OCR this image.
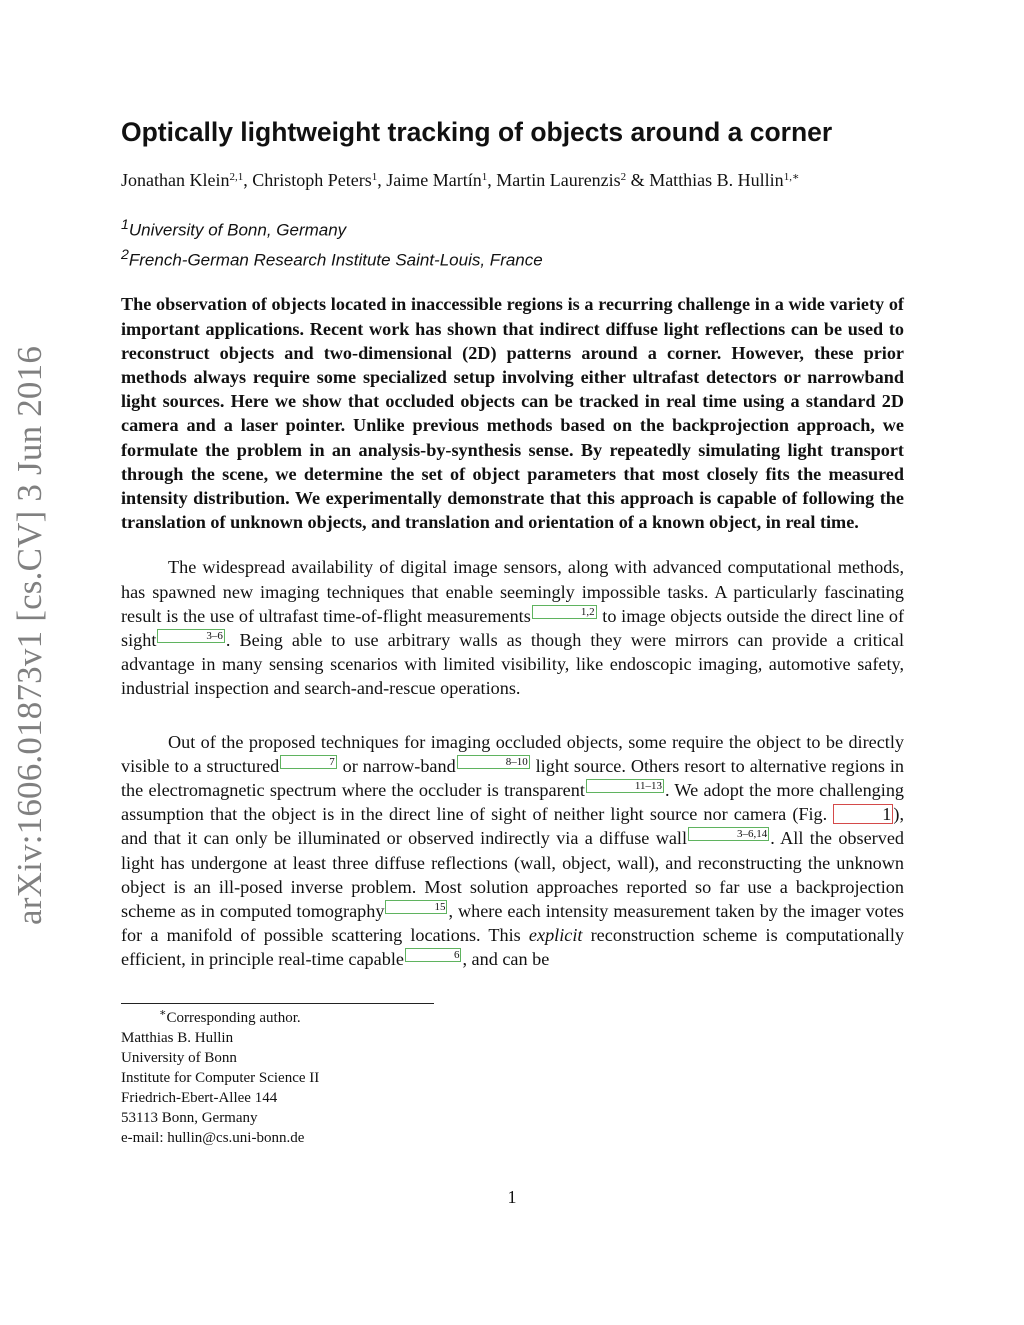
arXiv:1606.01873v1 [cs.CV] 3 Jun 2016
Optically lightweight tracking of objects around a corner
Jonathan Klein$^{2,1}$, Christoph Peters$^1$, Jaime Martín$^1$, Martin Laurenzis$^2$ & Matthias B. Hullin$^{1,∗}$
$^1$University of Bonn, Germany
$^2$French-German Research Institute Saint-Louis, France

The observation of objects located in inaccessible regions is a recurring challenge in a wide variety of important applications. Recent work has shown that indirect diffuse light reflections can be used to reconstruct objects and two-dimensional (2D) patterns around a corner. However, these prior methods always require some specialized setup involving either ultrafast detectors or narrowband light sources. Here we show that occluded objects can be tracked in real time using a standard 2D camera and a laser pointer. Unlike previous methods based on the backprojection approach, we formulate the problem in an analysis-by-synthesis sense. By repeatedly simulating light transport through the scene, we determine the set of object parameters that most closely fits the measured intensity distribution. We experimentally demonstrate that this approach is capable of following the translation of unknown objects, and translation and orientation of a known object, in real time.

The widespread availability of digital image sensors, along with advanced computational methods, has spawned new imaging techniques that enable seemingly impossible tasks. A particularly fascinating result is the use of ultrafast time-of-flight measurements	1,2 to image objects outside the direct line of sight	3–6 . Being able to use arbitrary walls as though they were mirrors can provide a critical advantage in many sensing scenarios with limited visibility, like endoscopic imaging, automotive safety, industrial inspection and search-and-rescue operations.

Out of the proposed techniques for imaging occluded objects, some require the object to be directly visible to a structured	7 or narrow-band	8–10 light source. Others resort to alternative regions in the electromagnetic spectrum where the occluder is transparent	11–13 . We adopt the more challenging assumption that the object is in the direct line of sight of neither light source nor camera (Fig.	1 ), and that it can only be illuminated or observed indirectly via a diffuse wall	3–6,14 . All the observed light has undergone at least three diffuse reflections (wall, object, wall), and reconstructing the unknown object is an ill-posed inverse problem. Most solution approaches reported so far use a backprojection scheme as in computed tomography	15 , where each intensity measurement taken by the imager votes for a manifold of possible scattering locations. This explicit reconstruction scheme is computationally efficient, in principle real-time capable	6 , and can be

∗Corresponding author.
Matthias B. Hullin
University of Bonn
Institute for Computer Science II
Friedrich-Ebert-Allee 144
53113 Bonn, Germany
e-mail: hullin@cs.uni-bonn.de
1
